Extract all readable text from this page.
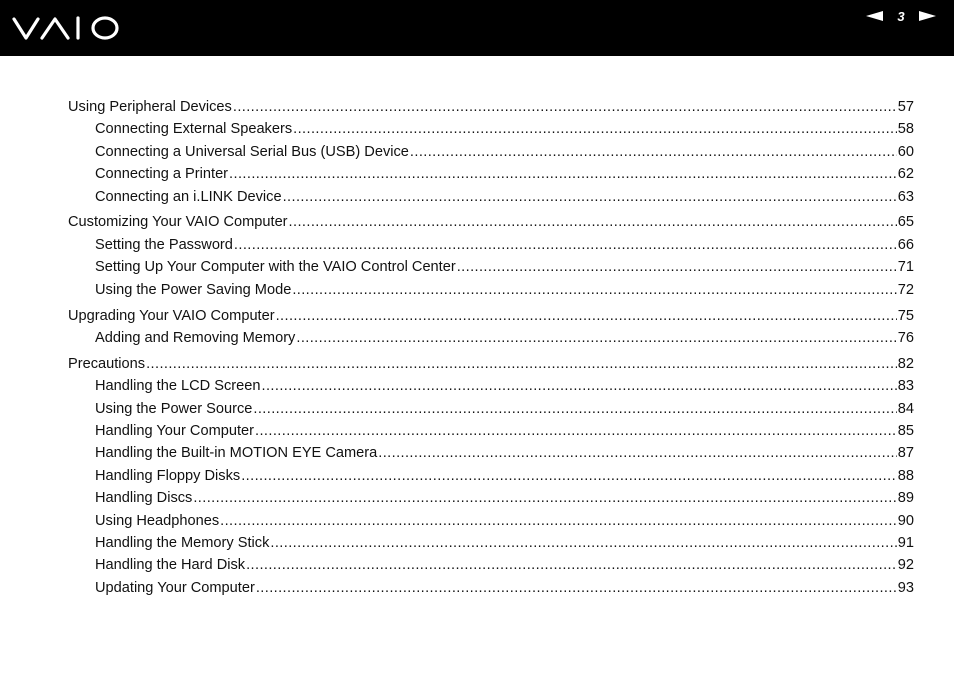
3
Using Peripheral Devices .....	57
Connecting External Speakers .....	58
Connecting a Universal Serial Bus (USB) Device .....	60
Connecting a Printer .....	62
Connecting an i.LINK Device .....	63
Customizing Your VAIO Computer .....	65
Setting the Password .....	66
Setting Up Your Computer with the VAIO Control Center .....	71
Using the Power Saving Mode .....	72
Upgrading Your VAIO Computer .....	75
Adding and Removing Memory .....	76
Precautions .....	82
Handling the LCD Screen .....	83
Using the Power Source .....	84
Handling Your Computer .....	85
Handling the Built-in MOTION EYE Camera .....	87
Handling Floppy Disks .....	88
Handling Discs .....	89
Using Headphones .....	90
Handling the Memory Stick .....	91
Handling the Hard Disk .....	92
Updating Your Computer .....	93
